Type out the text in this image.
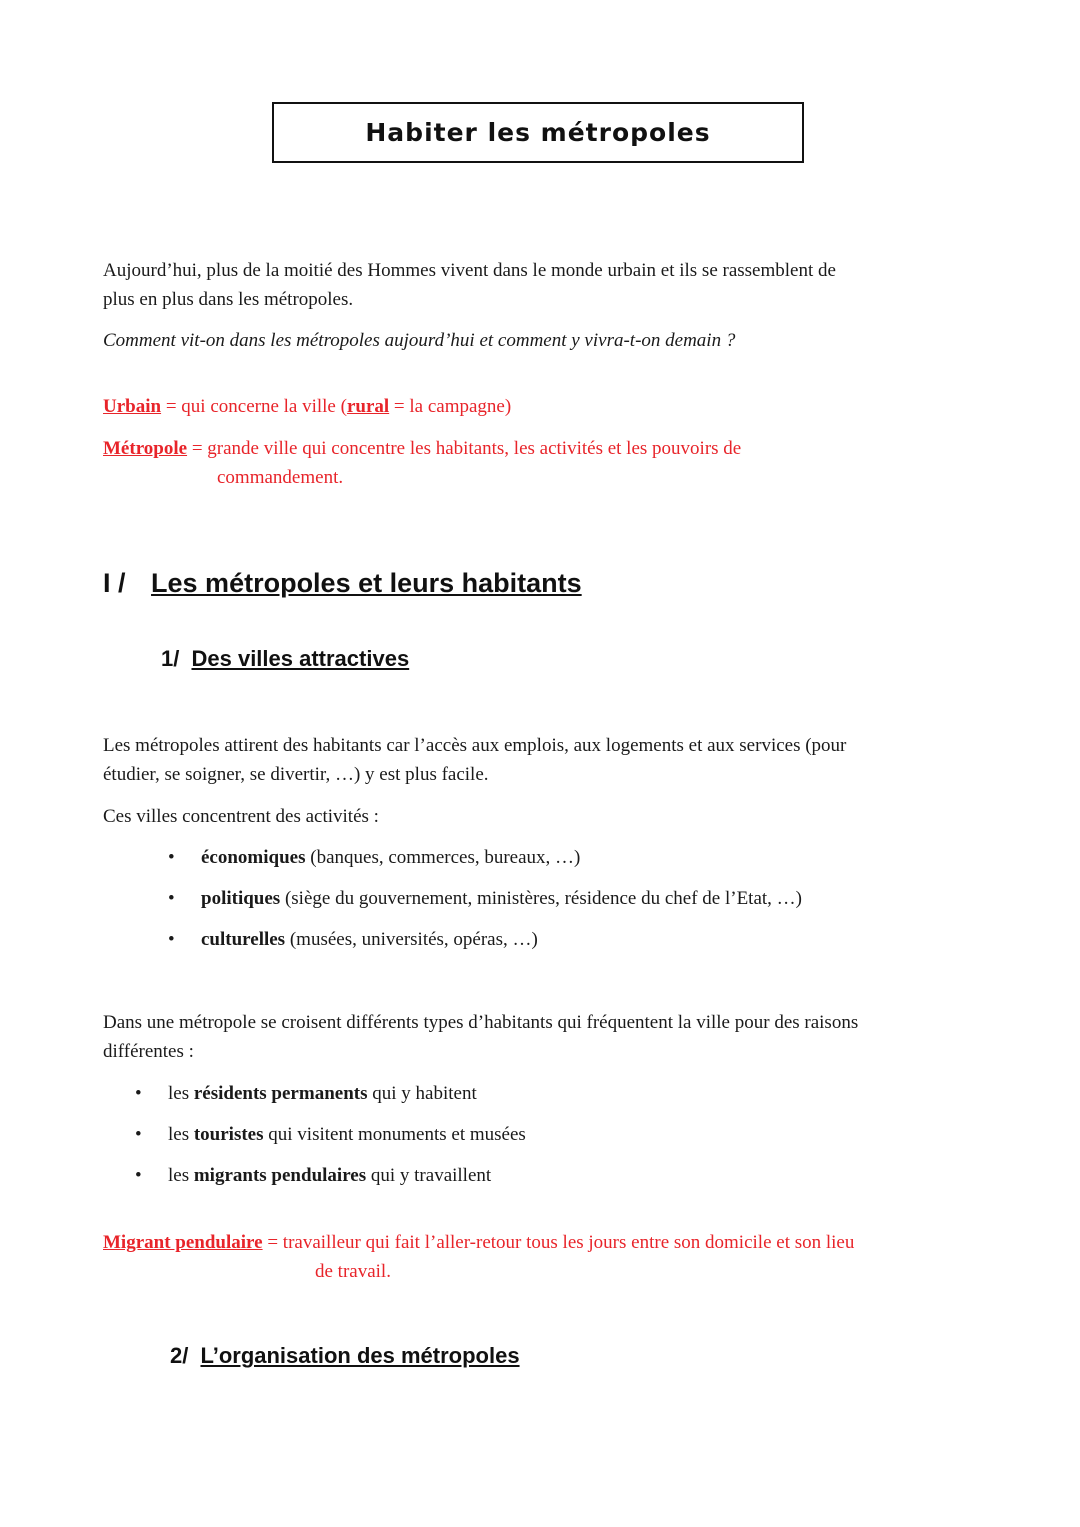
Habiter les métropoles
Aujourd’hui, plus de la moitié des Hommes vivent dans le monde urbain et ils se rassemblent de
plus en plus dans les métropoles.
Comment vit-on dans les métropoles aujourd’hui et comment y vivra-t-on demain ?
Urbain = qui concerne la ville (rural = la campagne)
Métropole = grande ville qui concentre les habitants, les activités et les pouvoirs de
commandement.
I / Les métropoles et leurs habitants
1/ Des villes attractives
Les métropoles attirent des habitants car l’accès aux emplois, aux logements et aux services (pour
étudier, se soigner, se divertir, …) y est plus facile.
Ces villes concentrent des activités :
• économiques (banques, commerces, bureaux, …)
• politiques (siège du gouvernement, ministères, résidence du chef de l’Etat, …)
• culturelles (musées, universités, opéras, …)
Dans une métropole se croisent différents types d’habitants qui fréquentent la ville pour des raisons
différentes :
• les résidents permanents qui y habitent
• les touristes qui visitent monuments et musées
• les migrants pendulaires qui y travaillent
Migrant pendulaire = travailleur qui fait l’aller-retour tous les jours entre son domicile et son lieu
de travail.
2/ L’organisation des métropoles
